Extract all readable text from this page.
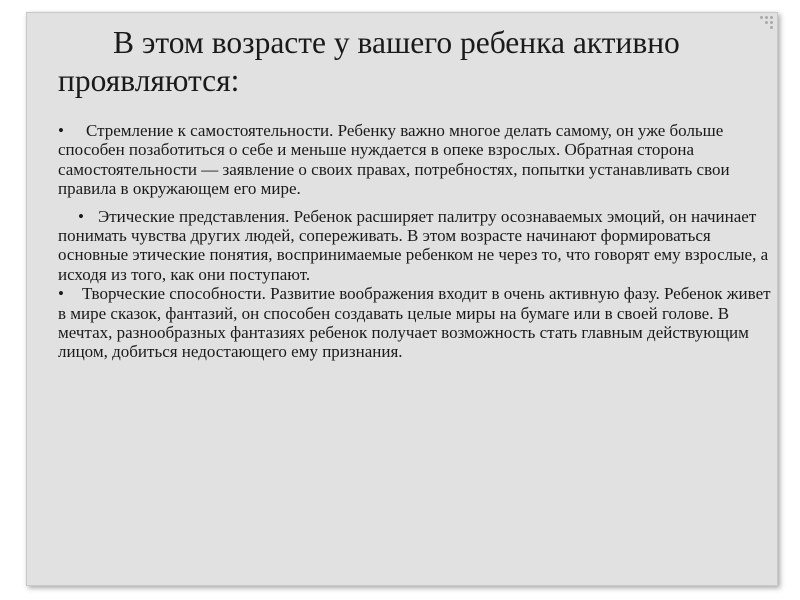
В этом возрасте у вашего ребенка активно проявляются:

• Стремление к самостоятельности. Ребенку важно многое делать самому, он уже больше способен позаботиться о себе и меньше нуждается в опеке взрослых. Обратная сторона самостоятельности — заявление о своих правах, потребностях, попытки устанавливать свои правила в окружающем его мире.

• Этические представления. Ребенок расширяет палитру осознаваемых эмоций, он начинает понимать чувства других людей, сопереживать. В этом возрасте начинают формироваться основные этические понятия, воспринимаемые ребенком не через то, что говорят ему взрослые, а исходя из того, как они поступают.

• Творческие способности. Развитие воображения входит в очень активную фазу. Ребенок живет в мире сказок, фантазий, он способен создавать целые миры на бумаге или в своей голове. В мечтах, разнообразных фантазиях ребенок получает возможность стать главным действующим лицом, добиться недостающего ему признания.
